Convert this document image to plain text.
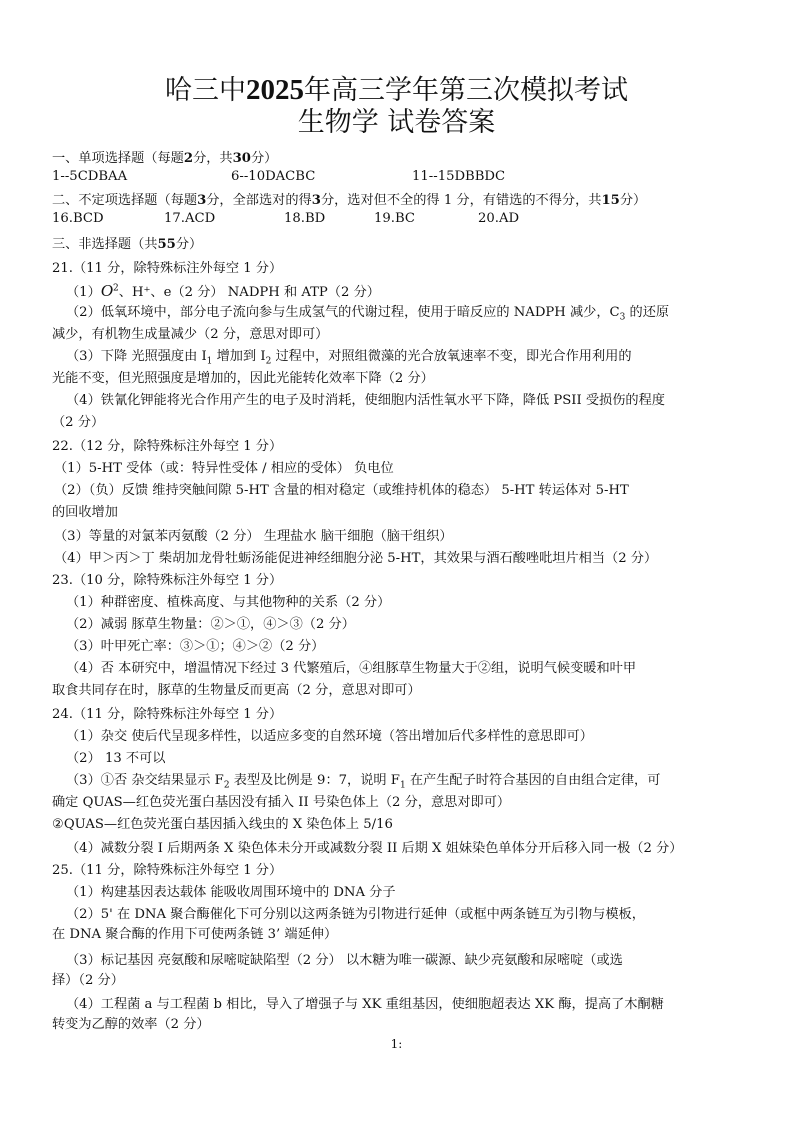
哈三中2025年高三学年第三次模拟考试
生物学 试卷答案
一、单项选择题（每题2分，共30分）
1--5CDBAA	6--10DACBC	11--15DBBDC
二、不定项选择题（每题3分，全部选对的得3分，选对但不全的得 1 分，有错选的不得分，共15分）
16.BCD	17.ACD	18.BD	19.BC	20.AD
三、非选择题（共55分）
21.（11 分，除特殊标注外每空 1 分）
$(1)O^2$、H⁺、e（2 分） NADPH 和 ATP（2 分）
（2）低氧环境中，部分电子流向参与生成氢气的代谢过程，使用于暗反应的 NADPH 减少，$C_3$ 的还原
减少，有机物生成量减少（2 分，意思对即可）
（3）下降 光照强度由 $I_1$ 增加到 $I_2$ 过程中，对照组微藻的光合放氧速率不变，即光合作用利用的
光能不变，但光照强度是增加的，因此光能转化效率下降（2 分）
（4）铁氰化钾能将光合作用产生的电子及时消耗，使细胞内活性氧水平下降，降低 PSII 受损伤的程度
（2 分）
22.（12 分，除特殊标注外每空 1 分）
（1）5-HT 受体（或：特异性受体 / 相应的受体） 负电位
（2）（负）反馈 维持突触间隙 5-HT 含量的相对稳定（或维持机体的稳态） 5-HT 转运体对 5-HT
的回收增加
（3）等量的对氯苯丙氨酸（2 分） 生理盐水 脑干细胞（脑干组织）
（4）甲＞丙＞丁 柴胡加龙骨牡蛎汤能促进神经细胞分泌 5-HT，其效果与酒石酸唑吡坦片相当（2 分）
23.（10 分，除特殊标注外每空 1 分）
（1）种群密度、植株高度、与其他物种的关系（2 分）
（2）减弱 豚草生物量：②＞①，④＞③（2 分）
（3）叶甲死亡率：③＞①；④＞②（2 分）
（4）否 本研究中，增温情况下经过 3 代繁殖后，④组豚草生物量大于②组，说明气候变暖和叶甲
取食共同存在时，豚草的生物量反而更高（2 分，意思对即可）
24.（11 分，除特殊标注外每空 1 分）
（1）杂交 使后代呈现多样性，以适应多变的自然环境（答出增加后代多样性的意思即可）
（2） 13 不可以
（3）①否 杂交结果显示 $F_2$ 表型及比例是 9：7，说明 $F_1$ 在产生配子时符合基因的自由组合定律，可
确定 QUAS—红色荧光蛋白基因没有插入 II 号染色体上（2 分，意思对即可）
②QUAS—红色荧光蛋白基因插入线虫的 X 染色体上 5/16
（4）减数分裂 I 后期两条 X 染色体未分开或减数分裂 II 后期 X 姐妹染色单体分开后移入同一极（2 分）
25.（11 分，除特殊标注外每空 1 分）
（1）构建基因表达载体 能吸收周围环境中的 DNA 分子
（2）5' 在 DNA 聚合酶催化下可分别以这两条链为引物进行延伸（或框中两条链互为引物与模板，
在 DNA 聚合酶的作用下可使两条链 3’ 端延伸）
（3）标记基因 亮氨酸和尿嘧啶缺陷型（2 分） 以木糖为唯一碳源、缺少亮氨酸和尿嘧啶（或选
择）（2 分）
（4）工程菌 a 与工程菌 b 相比，导入了增强子与 XK 重组基因，使细胞超表达 XK 酶，提高了木酮糖
转变为乙醇的效率（2 分）
1:
